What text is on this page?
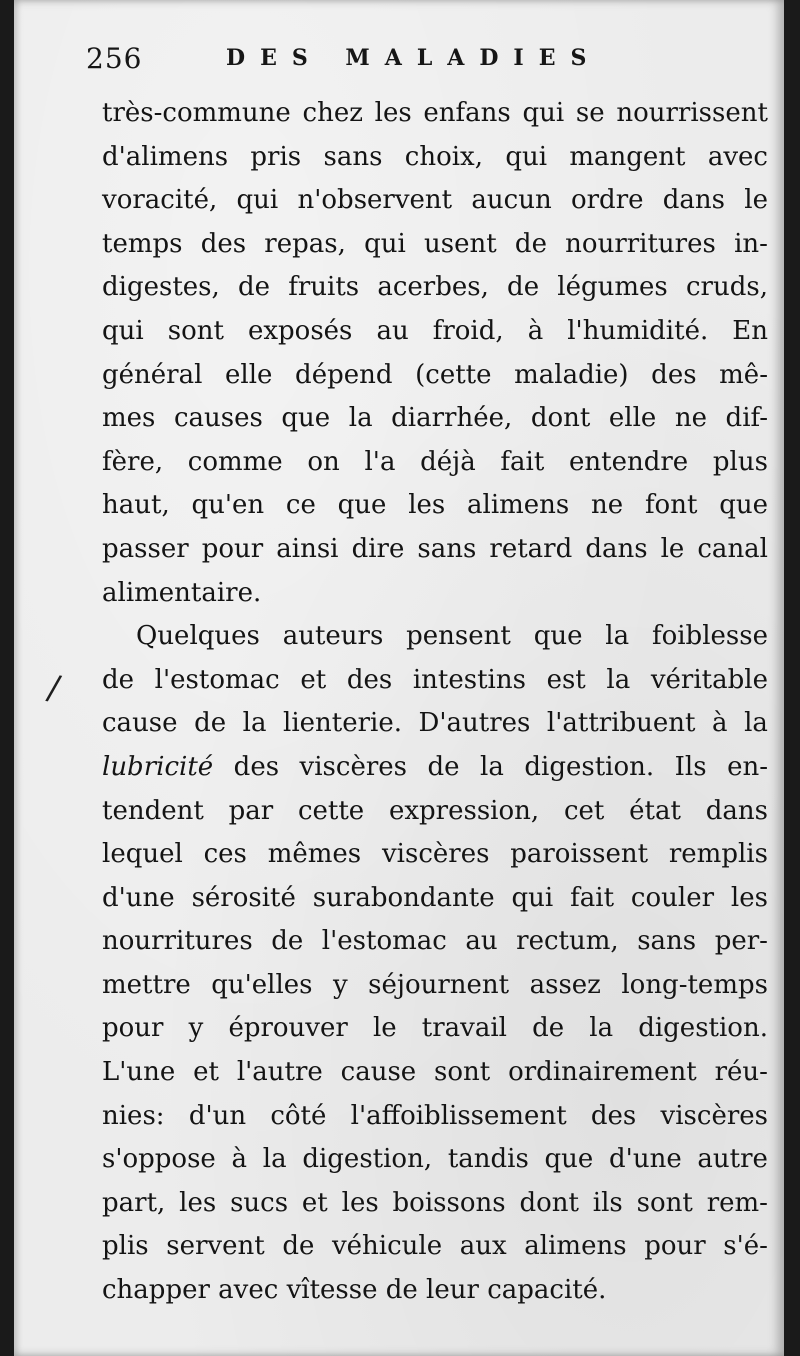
256	DES MALADIES
/
très-commune chez les enfans qui se nourrissent
d'alimens pris sans choix, qui mangent avec
voracité, qui n'observent aucun ordre dans le
temps des repas, qui usent de nourritures in-
digestes, de fruits acerbes, de légumes cruds,
qui sont exposés au froid, à l'humidité. En
général elle dépend (cette maladie) des mê-
mes causes que la diarrhée, dont elle ne dif-
fère, comme on l'a déjà fait entendre plus
haut, qu'en ce que les alimens ne font que
passer pour ainsi dire sans retard dans le canal
alimentaire.
Quelques auteurs pensent que la foiblesse
de l'estomac et des intestins est la véritable
cause de la lienterie. D'autres l'attribuent à la
lubricité des viscères de la digestion. Ils en-
tendent par cette expression, cet état dans
lequel ces mêmes viscères paroissent remplis
d'une sérosité surabondante qui fait couler les
nourritures de l'estomac au rectum, sans per-
mettre qu'elles y séjournent assez long-temps
pour y éprouver le travail de la digestion.
L'une et l'autre cause sont ordinairement réu-
nies: d'un côté l'affoiblissement des viscères
s'oppose à la digestion, tandis que d'une autre
part, les sucs et les boissons dont ils sont rem-
plis servent de véhicule aux alimens pour s'é-
chapper avec vîtesse de leur capacité.
